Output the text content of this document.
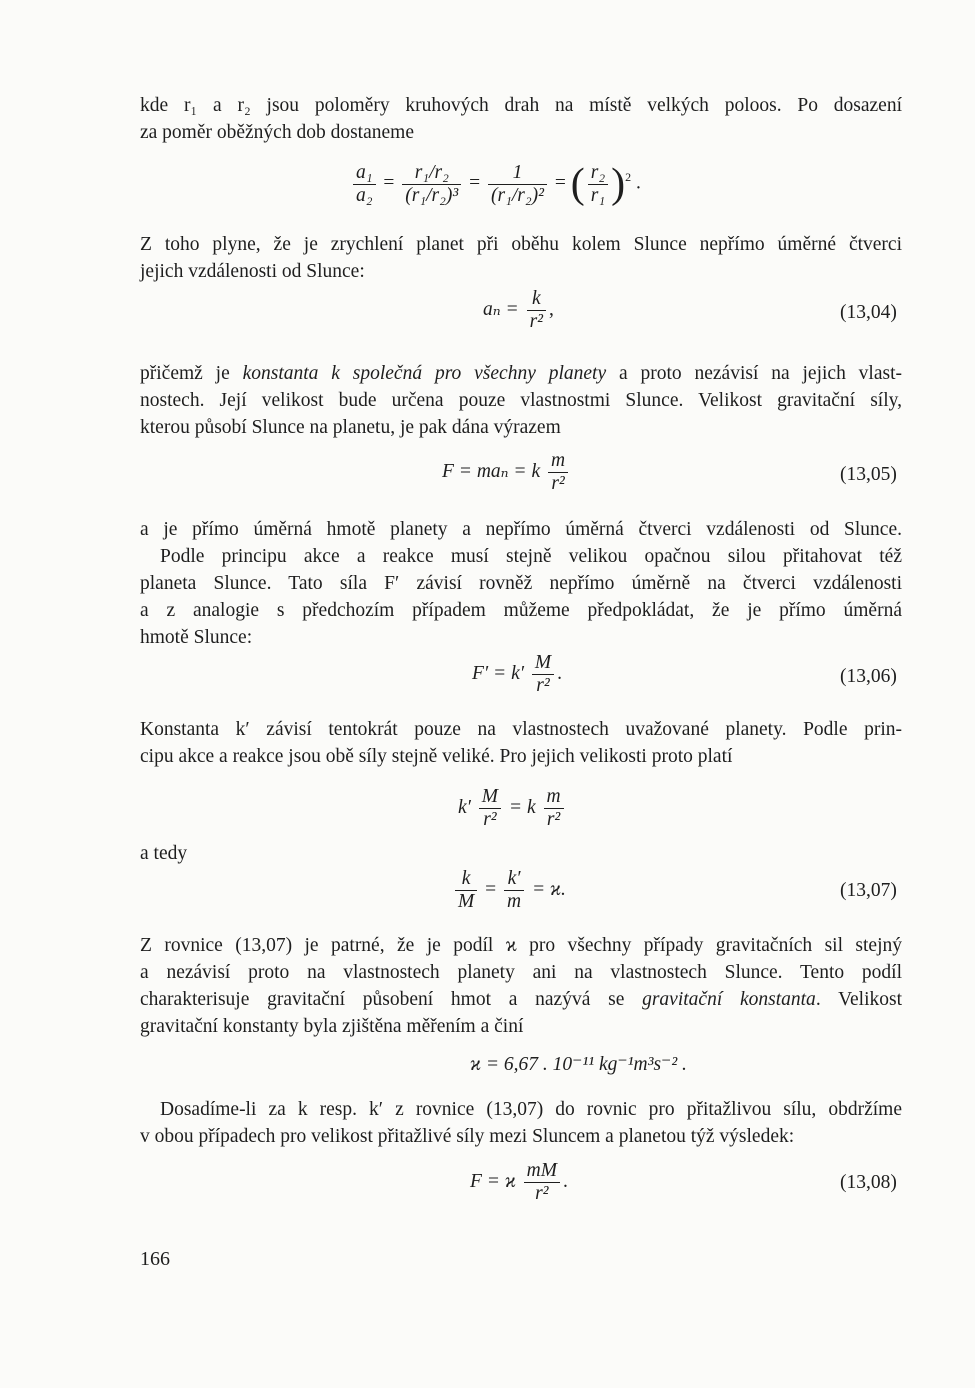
kde r₁ a r₂ jsou poloměry kruhových drah na místě velkých poloos. Po dosazení
za poměr oběžných dob dostaneme
$\frac{\text{a₁}}{\text{a₂}} = \frac{\text{r₁/r₂}}{\text{(r₁/r₂)³}} = \frac{1}{\text{(r₁/r₂)²}}$ = ( $\frac{\text{r₂}}{\text{r₁}} )^2$ .
Z toho plyne, že je zrychlení planet při oběhu kolem Slunce nepřímo úměrné čtverci
jejich vzdálenosti od Slunce:
$a_n = \frac{k}{\text{r²}}$ ,	(13,04)
přičemž je konstanta k společná pro všechny planety a proto nezávisí na jejich vlast-
nostech. Její velikost bude určena pouze vlastnostmi Slunce. Velikost gravitační síly,
kterou působí Slunce na planetu, je pak dána výrazem
F = maₙ = k $\frac{m}{\text{r²}}$	(13,05)
a je přímo úměrná hmotě planety a nepřímo úměrná čtverci vzdálenosti od Slunce.
Podle principu akce a reakce musí stejně velikou opačnou silou přitahovat též
planeta Slunce. Tato síla F′ závisí rovněž nepřímo úměrně na čtverci vzdálenosti
a z analogie s předchozím případem můžeme předpokládat, že je přímo úměrná
hmotě Slunce:
$F' = k' \frac{M}{\text{r²}}$ .	(13,06)
Konstanta k′ závisí tentokrát pouze na vlastnostech uvažované planety. Podle prin-
cipu akce a reakce jsou obě síly stejně veliké. Pro jejich velikosti proto platí
$k' \frac{M}{\text{r²}} = k \frac{m}{\text{r²}}$
a tedy
$\frac{k}{M} = \frac{k'}{m} = ϰ$.	(13,07)
Z rovnice (13,07) je patrné, že je podíl ϰ pro všechny případy gravitačních sil stejný
a nezávisí proto na vlastnostech planety ani na vlastnostech Slunce. Tento podíl
charakterisuje gravitační působení hmot a nazývá se gravitační konstanta. Velikost
gravitační konstanty byla zjištěna měřením a činí
ϰ = 6,67 . 10⁻¹¹ kg⁻¹m³s⁻² .
Dosadíme-li za k resp. k′ z rovnice (13,07) do rovnic pro přitažlivou sílu, obdržíme
v obou případech pro velikost přitažlivé síly mezi Sluncem a planetou týž výsledek:
F = ϰ $\frac{mM}{\text{r²}}$ .	(13,08)
166
